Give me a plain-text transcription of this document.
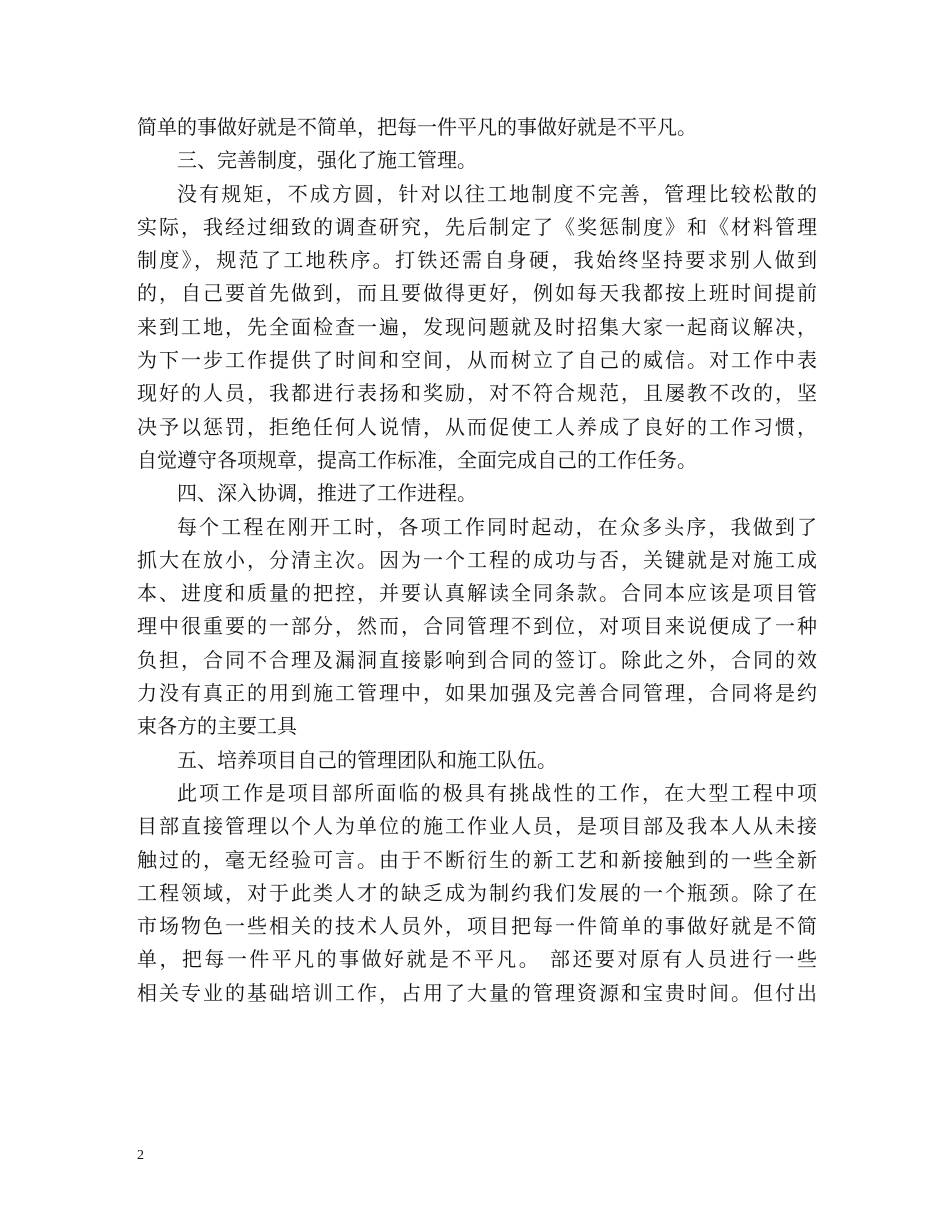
简单的事做好就是不简单，把每一件平凡的事做好就是不平凡。
三、完善制度，强化了施工管理。
没有规矩，不成方圆，针对以往工地制度不完善，管理比较松散的
实际，我经过细致的调查研究，先后制定了《奖惩制度》和《材料管理
制度》，规范了工地秩序。打铁还需自身硬，我始终坚持要求别人做到
的，自己要首先做到，而且要做得更好，例如每天我都按上班时间提前
来到工地，先全面检查一遍，发现问题就及时招集大家一起商议解决，
为下一步工作提供了时间和空间，从而树立了自己的威信。对工作中表
现好的人员，我都进行表扬和奖励，对不符合规范，且屡教不改的，坚
决予以惩罚，拒绝任何人说情，从而促使工人养成了良好的工作习惯，
自觉遵守各项规章，提高工作标准，全面完成自己的工作任务。
四、深入协调，推进了工作进程。
每个工程在刚开工时，各项工作同时起动，在众多头序，我做到了
抓大在放小，分清主次。因为一个工程的成功与否，关键就是对施工成
本、进度和质量的把控，并要认真解读全同条款。合同本应该是项目管
理中很重要的一部分，然而，合同管理不到位，对项目来说便成了一种
负担，合同不合理及漏洞直接影响到合同的签订。除此之外，合同的效
力没有真正的用到施工管理中，如果加强及完善合同管理，合同将是约
束各方的主要工具
五、培养项目自己的管理团队和施工队伍。
此项工作是项目部所面临的极具有挑战性的工作，在大型工程中项
目部直接管理以个人为单位的施工作业人员，是项目部及我本人从未接
触过的，毫无经验可言。由于不断衍生的新工艺和新接触到的一些全新
工程领域，对于此类人才的缺乏成为制约我们发展的一个瓶颈。除了在
市场物色一些相关的技术人员外，项目把每一件简单的事做好就是不简
单，把每一件平凡的事做好就是不平凡。 部还要对原有人员进行一些
相关专业的基础培训工作，占用了大量的管理资源和宝贵时间。但付出
2
